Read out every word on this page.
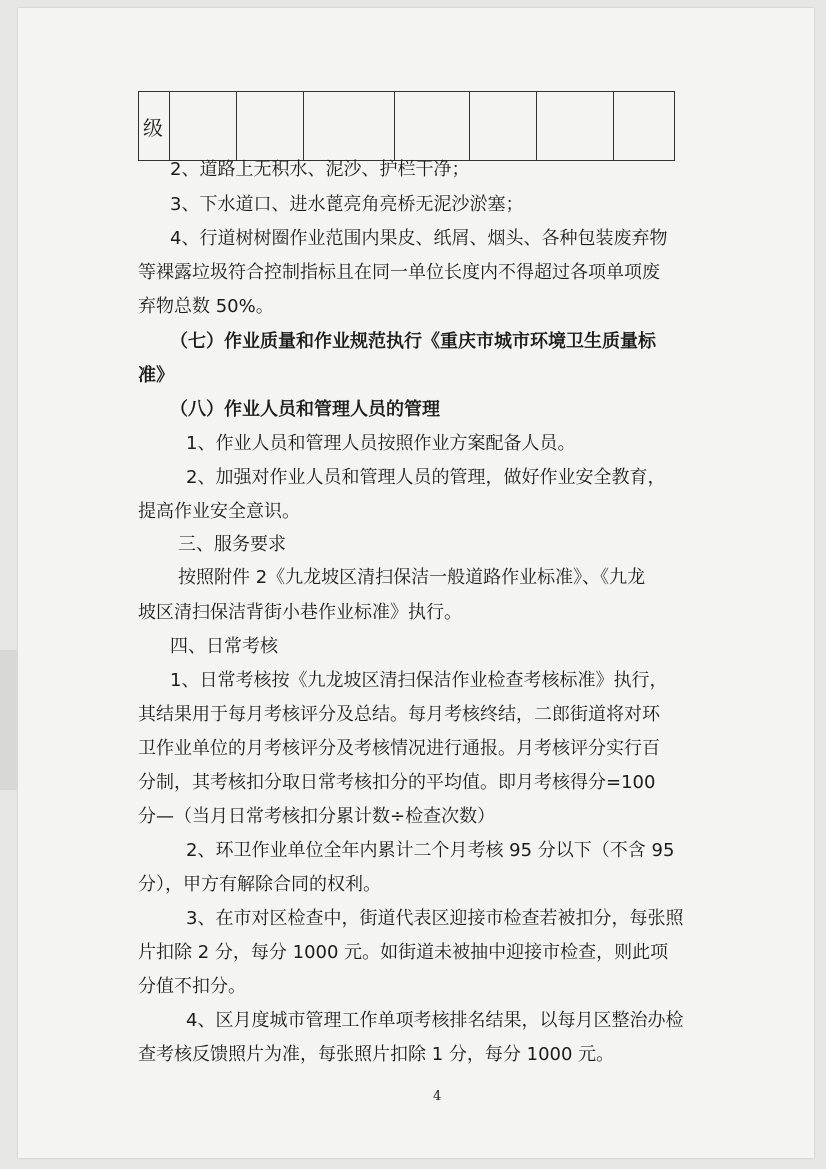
级							
2、道路上无积水、泥沙、护栏干净；
3、下水道口、进水蓖亮角亮桥无泥沙淤塞；
4、行道树树圈作业范围内果皮、纸屑、烟头、各种包装废弃物
等裸露垃圾符合控制指标且在同一单位长度内不得超过各项单项废
弃物总数 50%。
（七）作业质量和作业规范执行《重庆市城市环境卫生质量标
准》
（八）作业人员和管理人员的管理
1、作业人员和管理人员按照作业方案配备人员。
2、加强对作业人员和管理人员的管理，做好作业安全教育，
提高作业安全意识。
三、服务要求
按照附件 2《九龙坡区清扫保洁一般道路作业标准》、《九龙
坡区清扫保洁背街小巷作业标准》执行。
四、日常考核
1、日常考核按《九龙坡区清扫保洁作业检查考核标准》执行，
其结果用于每月考核评分及总结。每月考核终结，二郎街道将对环
卫作业单位的月考核评分及考核情况进行通报。月考核评分实行百
分制，其考核扣分取日常考核扣分的平均值。即月考核得分=100
分—（当月日常考核扣分累计数÷检查次数）
2、环卫作业单位全年内累计二个月考核 95 分以下（不含 95
分），甲方有解除合同的权利。
3、在市对区检查中，街道代表区迎接市检查若被扣分，每张照
片扣除 2 分，每分 1000 元。如街道未被抽中迎接市检查，则此项
分值不扣分。
4、区月度城市管理工作单项考核排名结果，以每月区整治办检
查考核反馈照片为准，每张照片扣除 1 分，每分 1000 元。
4
